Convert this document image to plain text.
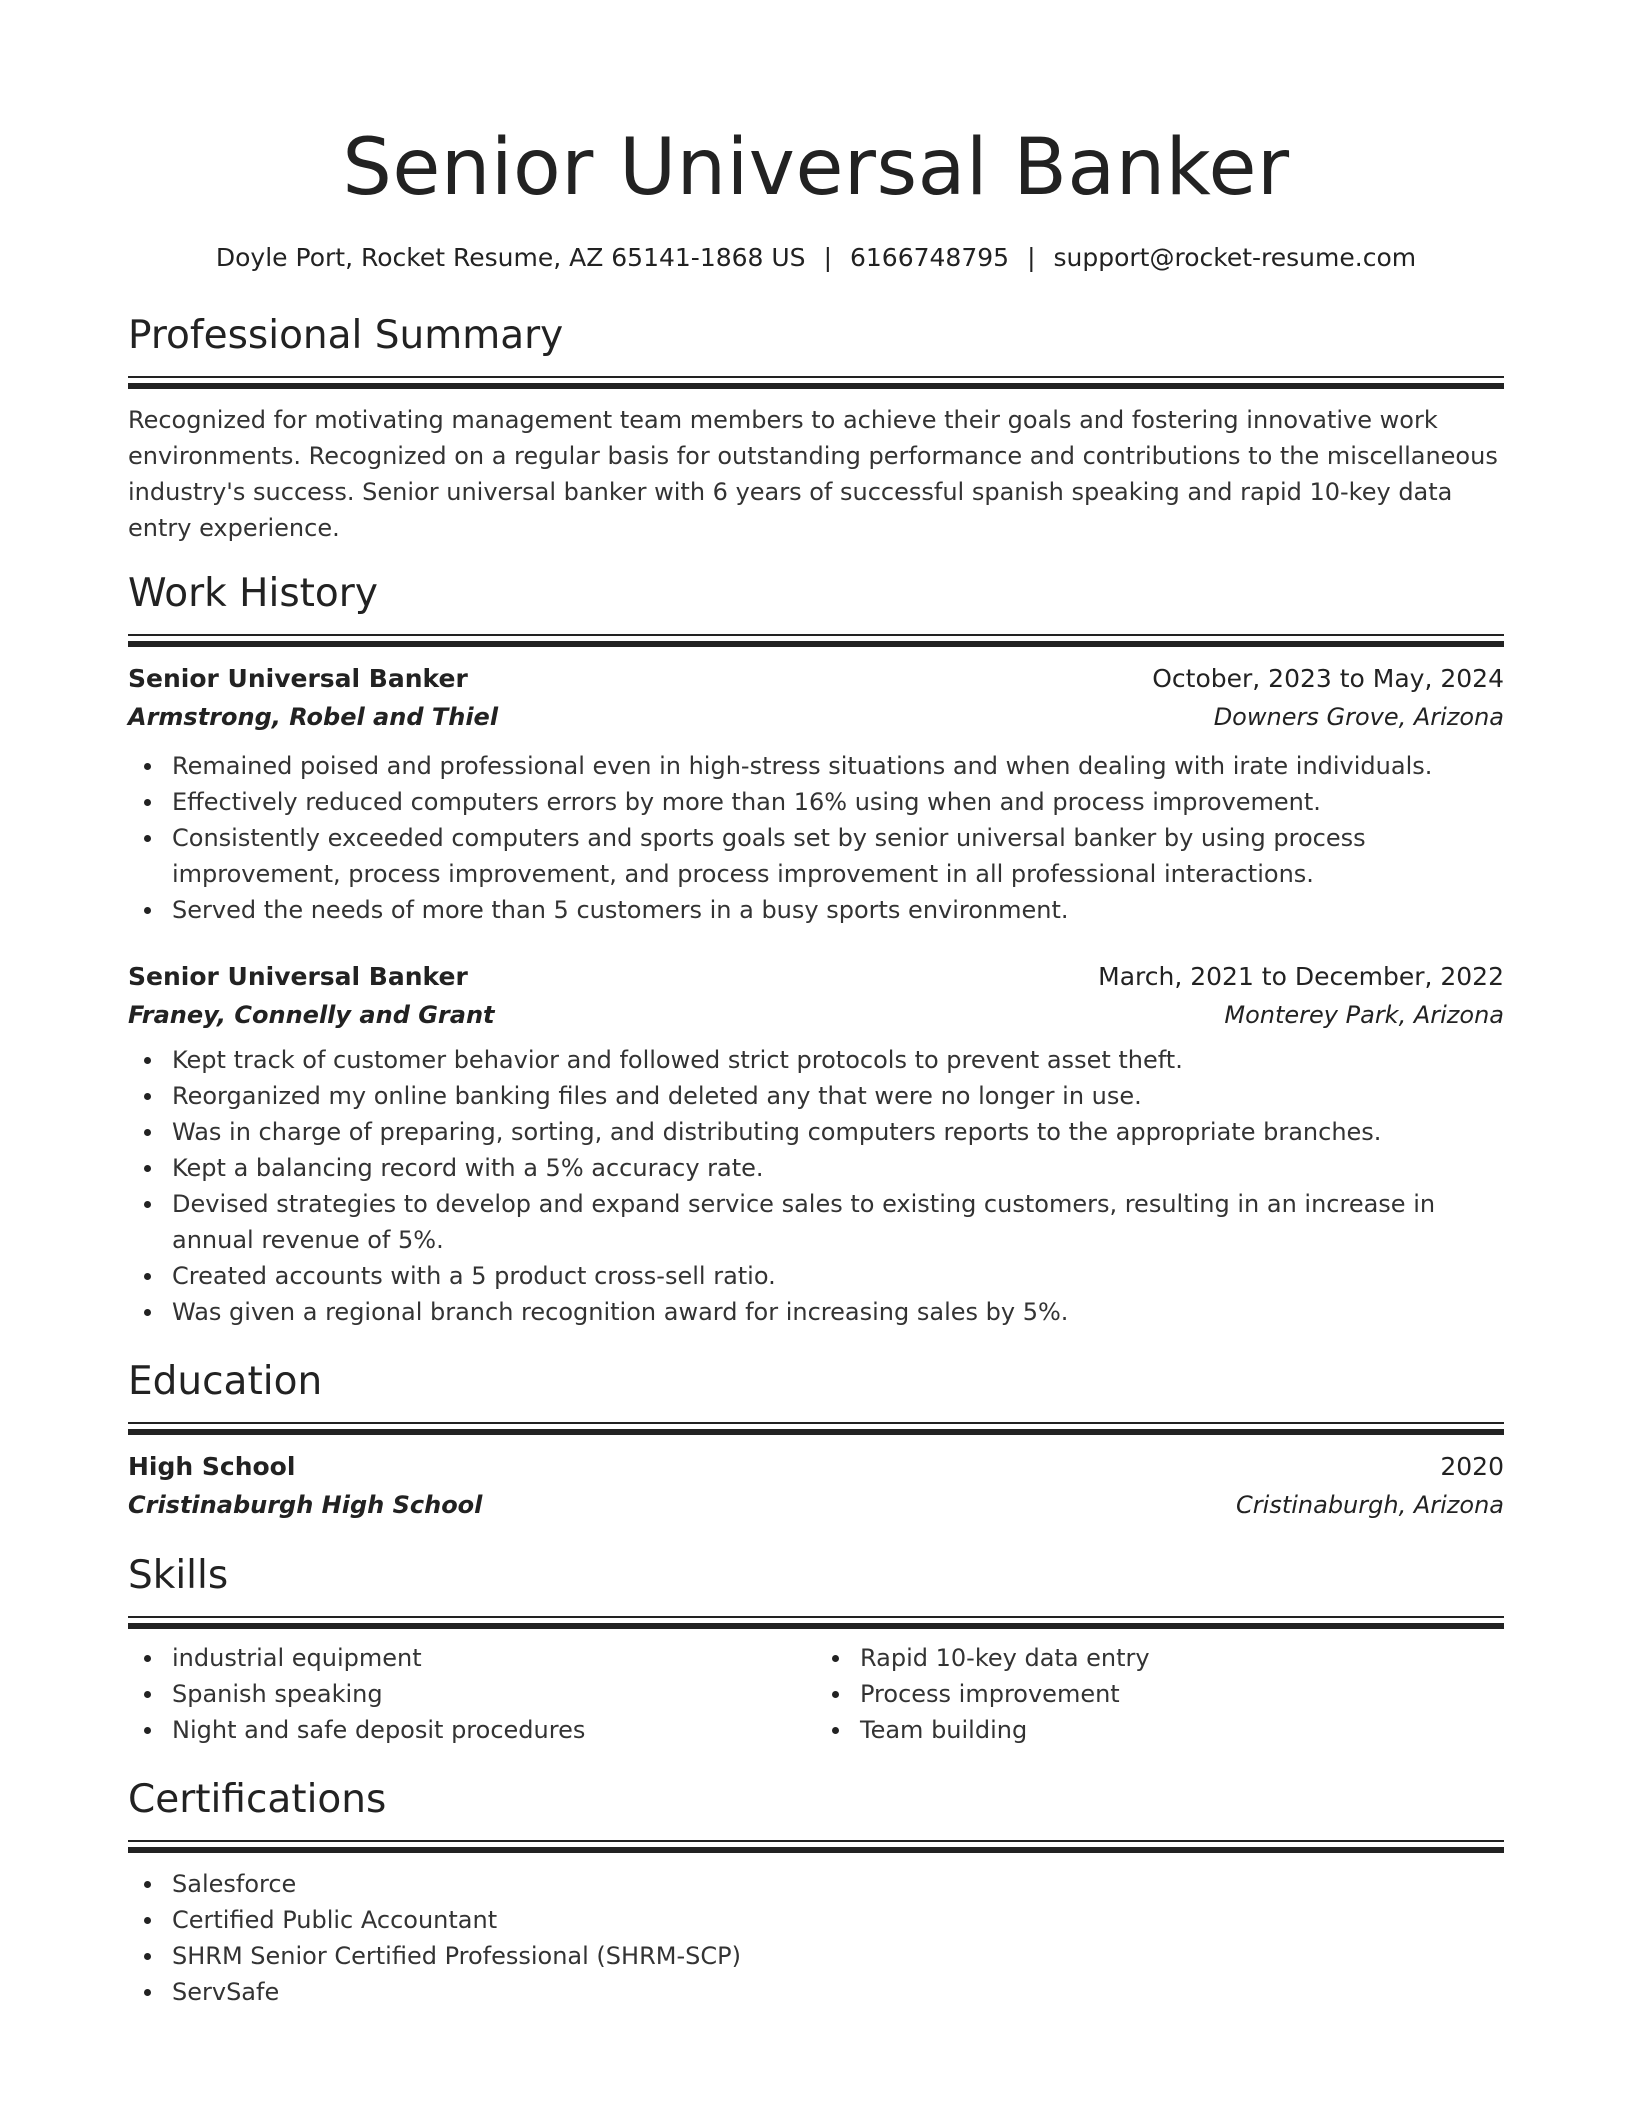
Senior Universal Banker
Doyle Port, Rocket Resume, AZ 65141-1868 US | 6166748795 | support@rocket-resume.com
Professional Summary

Recognized for motivating management team members to achieve their goals and fostering innovative work environments. Recognized on a regular basis for outstanding performance and contributions to the miscellaneous industry's success. Senior universal banker with 6 years of successful spanish speaking and rapid 10-key data entry experience.

Work History
Senior Universal Banker	October, 2023 to May, 2024
Armstrong, Robel and Thiel	Downers Grove, Arizona
Remained poised and professional even in high-stress situations and when dealing with irate individuals.
Effectively reduced computers errors by more than 16% using when and process improvement.
Consistently exceeded computers and sports goals set by senior universal banker by using process improvement, process improvement, and process improvement in all professional interactions.
Served the needs of more than 5 customers in a busy sports environment.
Senior Universal Banker	March, 2021 to December, 2022
Franey, Connelly and Grant	Monterey Park, Arizona
Kept track of customer behavior and followed strict protocols to prevent asset theft.
Reorganized my online banking files and deleted any that were no longer in use.
Was in charge of preparing, sorting, and distributing computers reports to the appropriate branches.
Kept a balancing record with a 5% accuracy rate.
Devised strategies to develop and expand service sales to existing customers, resulting in an increase in annual revenue of 5%.
Created accounts with a 5 product cross-sell ratio.
Was given a regional branch recognition award for increasing sales by 5%.
Education
High School	2020
Cristinaburgh High School	Cristinaburgh, Arizona
Skills
industrial equipment
Spanish speaking
Night and safe deposit procedures
Rapid 10-key data entry
Process improvement
Team building
Certifications
Salesforce
Certified Public Accountant
SHRM Senior Certified Professional (SHRM-SCP)
ServSafe
